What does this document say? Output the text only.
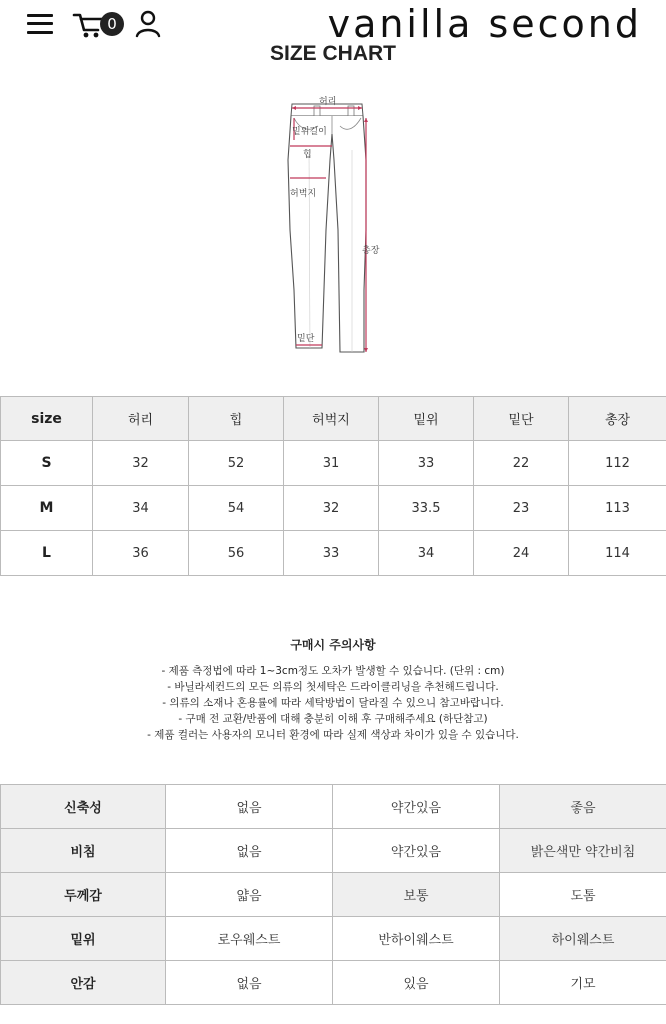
0	vanilla second
SIZE CHART
허리
밑위길이
힙
허벅지
총장
밑단
size	허리	힙	허벅지	밑위	밑단	총장
S	32	52	31	33	22	112
M	34	54	32	33.5	23	113
L	36	56	33	34	24	114
구매시 주의사항
- 제품 측정법에 따라 1~3cm정도 오차가 발생할 수 있습니다. (단위 : cm)
- 바닐라세컨드의 모든 의류의 첫세탁은 드라이클리닝을 추천해드립니다.
- 의류의 소재나 혼용률에 따라 세탁방법이 달라질 수 있으니 참고바랍니다.
- 구매 전 교환/반품에 대해 충분히 이해 후 구매해주세요 (하단참고)
- 제품 컬러는 사용자의 모니터 환경에 따라 실제 색상과 차이가 있을 수 있습니다.
신축성	없음	약간있음	좋음
비침	없음	약간있음	밝은색만 약간비침
두께감	얇음	보통	도톰
밑위	로우웨스트	반하이웨스트	하이웨스트
안감	없음	있음	기모
